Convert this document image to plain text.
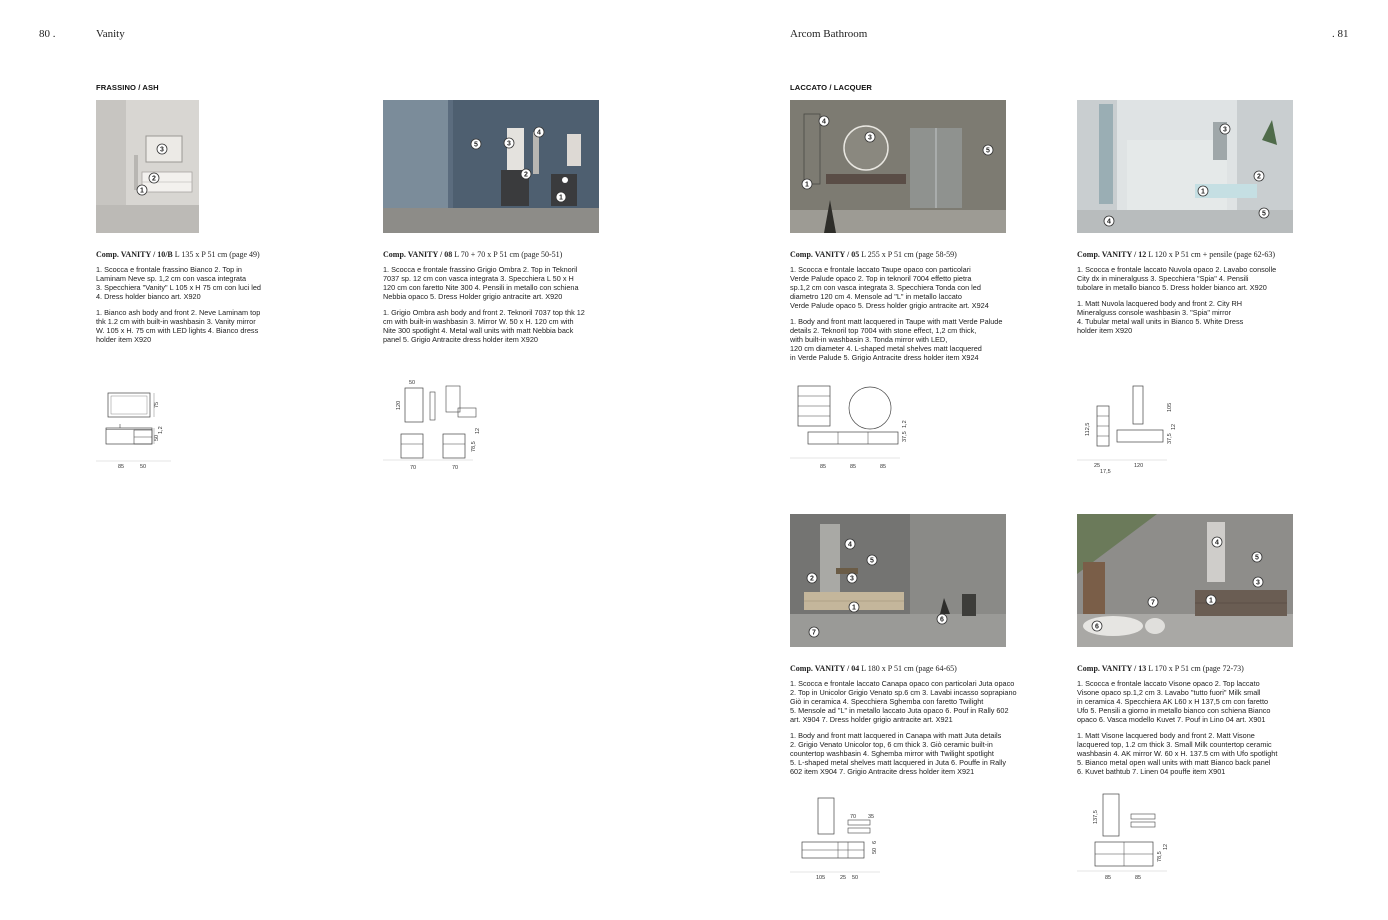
80 .	Vanity	Arcom Bathroom	. 81
FRASSINO / ASH	LACCATO / LACQUER
3
2
1
Comp. VANITY / 10/B L 135 x P 51 cm (page 49)

1. Scocca e frontale frassino Bianco 2. Top in
Laminam Neve sp. 1,2 cm con vasca integrata
3. Specchiera "Vanity" L 105 x H 75 cm con luci led
4. Dress holder bianco art. X920

1. Bianco ash body and front 2. Neve Laminam top
thk 1.2 cm with built-in washbasin 3. Vanity mirror
W. 105 x H. 75 cm with LED lights 4. Bianco dress
holder item X920

75
1,2
50
85	50
5	3
4
2
1
Comp. VANITY / 08 L 70 + 70 x P 51 cm (page 50-51)

1. Scocca e frontale frassino Grigio Ombra 2. Top in Teknoril
7037 sp. 12 cm con vasca integrata 3. Specchiera L 50 x H
120 cm con faretto Nite 300 4. Pensili in metallo con schiena
Nebbia opaco 5. Dress Holder grigio antracite art. X920

1. Grigio Ombra ash body and front 2. Teknoril 7037 top thk 12
cm with built-in washbasin 3. Mirror W. 50 x H. 120 cm with
Nite 300 spotlight 4. Metal wall units with matt Nebbia back
panel 5. Grigio Antracite dress holder item X920

50
120
12
78,5
70	70
4
3
5
1
Comp. VANITY / 05 L 255 x P 51 cm (page 58-59)

1. Scocca e frontale laccato Taupe opaco con particolari
Verde Palude opaco 2. Top in teknoril 7004 effetto pietra
sp.1,2 cm con vasca integrata 3. Specchiera Tonda con led
diametro 120 cm 4. Mensole ad "L" in metallo laccato
Verde Palude opaco 5. Dress holder grigio antracite art. X924

1. Body and front matt lacquered in Taupe with matt Verde Palude
details 2. Teknoril top 7004 with stone effect, 1,2 cm thick,
with built-in washbasin 3. Tonda mirror with LED,
120 cm diameter 4. L-shaped metal shelves matt lacquered
in Verde Palude 5. Grigio Antracite dress holder item X924

1,2
37,5
85	85	85
3
2
1
5
4
Comp. VANITY / 12 L 120 x P 51 cm + pensile (page 62-63)

1. Scocca e frontale laccato Nuvola opaco 2. Lavabo consolle
City dx in mineralguss 3. Specchiera "Spia" 4. Pensili
tubolare in metallo bianco 5. Dress holder bianco art. X920

1. Matt Nuvola lacquered body and front 2. City RH
Mineralguss console washbasin 3. "Spia" mirror
4. Tubular metal wall units in Bianco 5. White Dress
holder item X920

105
112,5	12
37,5
25
17,5
120
4
5
2	3
1
6
7
Comp. VANITY / 04 L 180 x P 51 cm (page 64-65)

1. Scocca e frontale laccato Canapa opaco con particolari Juta opaco
2. Top in Unicolor Grigio Venato sp.6 cm 3. Lavabi incasso soprapiano
Giò in ceramica 4. Specchiera Sghemba con faretto Twilight
5. Mensole ad "L" in metallo laccato Juta opaco 6. Pouf in Rally 602
art. X904 7. Dress holder grigio antracite art. X921

1. Body and front matt lacquered in Canapa with matt Juta details
2. Grigio Venato Unicolor top, 6 cm thick 3. Giò ceramic built-in
countertop washbasin 4. Sghemba mirror with Twilight spotlight
5. L-shaped metal shelves matt lacquered in Juta 6. Pouffe in Rally
602 item X904 7. Grigio Antracite dress holder item X921

70 35
50
6
105	25 50
4
5
3
1
7
6
Comp. VANITY / 13 L 170 x P 51 cm (page 72-73)

1. Scocca e frontale laccato Visone opaco 2. Top laccato
Visone opaco sp.1,2 cm 3. Lavabo "tutto fuori" Milk small
in ceramica 4. Specchiera AK L60 x H 137,5 cm con faretto
Ufo 5. Pensili a giorno in metallo bianco con schiena Bianco
opaco 6. Vasca modello Kuvet 7. Pouf in Lino 04 art. X901

1. Matt Visone lacquered body and front 2. Matt Visone
lacquered top, 1.2 cm thick 3. Small Milk countertop ceramic
washbasin 4. AK mirror W. 60 x H. 137.5 cm with Ufo spotlight
5. Bianco metal open wall units with matt Bianco back panel
6. Kuvet bathtub 7. Linen 04 pouffe item X901

137,5
12
78,5
85	85
